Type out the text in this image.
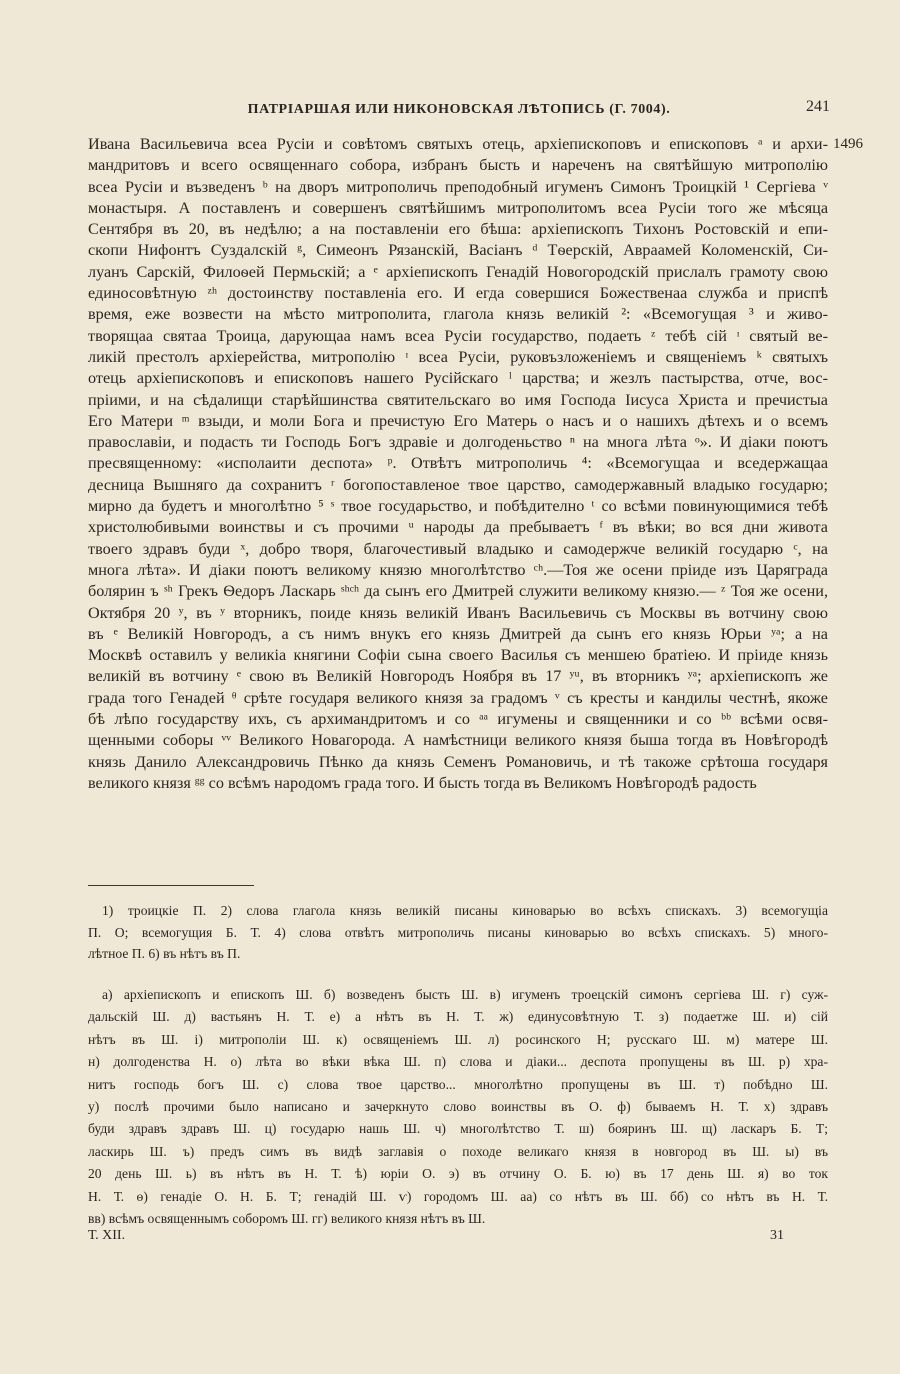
ПАТРІАРШАЯ ИЛИ НИКОНОВСКАЯ ЛѢТОПИСЬ (Г. 7004).	241
1496
Ивана Васильевича всеа Русіи и совѣтомъ святыхъ отець, архіепископовъ и епископовъ ᵃ и архи-
мандритовъ и всего освященнаго собора, избранъ бысть и нареченъ на святѣйшую митрополію
всеа Русіи и възведенъ ᵇ на дворъ митрополичь преподобный игуменъ Симонъ Троицкій ¹ Сергіева ᵛ
монастыря. А поставленъ и совершенъ святѣйшимъ митрополитомъ всеа Русіи того же мѣсяца
Сентября въ 20, въ недѣлю; а на поставленіи его бѣша: архіепископъ Тихонъ Ростовскій и епи-
скопи Нифонтъ Суздалскій ᵍ, Симеонъ Рязанскій, Васіанъ ᵈ Тѳерскій, Авраамей Коломенскій, Си-
луанъ Сарскій, Филоѳей Пермьскій; а ᵉ архіепископъ Генадій Новогородскій прислалъ грамоту свою
единосовѣтную ᶻʰ достоинству поставленіа его. И егда совершися Божественаа служба и приспѣ
время, еже возвести на мѣсто митрополита, глагола князь великій ²: «Всемогущая ³ и живо-
творящаа святаа Троица, дарующаа намъ всеа Русіи государство, подаеть ᶻ тебѣ сій ᶦ святый ве-
ликій престолъ архіерейства, митрополію ᶦ всеа Русіи, руковъзложеніемъ и священіемъ ᵏ святыхъ
отець архіепископовъ и епископовъ нашего Русійскаго ˡ царства; и жезлъ пастырства, отче, вос-
пріими, и на сѣдалищи старѣйшинства святительскаго во имя Господа Іисуса Христа и пречистыа
Его Матери ᵐ взыди, и моли Бога и пречистую Его Матерь о насъ и о нашихъ дѣтехъ и о всемъ
православіи, и подасть ти Господь Богъ здравіе и долгоденьство ⁿ на многа лѣта ᵒ». И діаки поютъ
пресвященному: «исполаити деспота» ᵖ. Отвѣтъ митрополичь ⁴: «Всемогущаа и вседержащаа
десница Вышняго да сохранитъ ʳ богопоставленое твое царство, самодержавный владыко государю;
мирно да будетъ и многолѣтно ⁵ ˢ твое государьство, и побѣдително ᵗ со всѣми повинующимися тебѣ
христолюбивыми воинствы и съ прочими ᵘ народы да пребываетъ ᶠ въ вѣки; во вся дни живота
твоего здравъ буди ˣ, добро творя, благочестивый владыко и самодержче великій государю ᶜ, на
многа лѣта». И діаки поютъ великому князю многолѣтство ᶜʰ.—Тоя же осени пріиде изъ Царяграда
болярин ъ ˢʰ Грекъ Ѳедоръ Ласкарь ˢʰᶜʰ да сынъ его Дмитрей служити великому князю.— ᶻ Тоя же осени,
Октября 20 ʸ, въ ʸ вторникъ, поиде князь великій Иванъ Васильевичь съ Москвы въ вотчину свою
въ ᵉ Великій Новгородъ, а съ нимъ внукъ его князь Дмитрей да сынъ его князь Юрьи ʸᵃ; а на
Москвѣ оставилъ у великіа княгини Софіи сына своего Василья съ меншею братіею. И пріиде князь
великій въ вотчину ᵉ свою въ Великій Новгородъ Ноября въ 17 ʸᵘ, въ вторникъ ʸᵃ; архіепископъ же
града того Генадей ᶿ срѣте государя великого князя за градомъ ᵛ съ кресты и кандилы честнѣ, якоже
бѣ лѣпо государству ихъ, съ архимандритомъ и со ᵃᵃ игумены и священники и со ᵇᵇ всѣми освя-
щенными соборы ᵛᵛ Великого Новагорода. А намѣстници великого князя быша тогда въ Новѣгородѣ
князь Данило Александровичь Пѣнко да князь Семенъ Романовичь, и тѣ такоже срѣтоша государя
великого князя ᵍᵍ со всѣмъ народомъ града того. И бысть тогда въ Великомъ Новѣгородѣ радость
1) троицкіе П. 2) слова глагола князь великій писаны киноварью во всѣхъ спискахъ. 3) всемогущіа
П. О; всемогущия Б. Т. 4) слова отвѣтъ митрополичь писаны киноварью во всѣхъ спискахъ. 5) много-
лѣтное П. 6) въ нѣтъ въ П.
а) архіепископъ и епископъ Ш. б) возведенъ бысть Ш. в) игуменъ троецскій симонъ сергіева Ш. г) суж-
дальскій Ш. д) вастьянъ Н. Т. е) а нѣтъ въ Н. Т. ж) единусовѣтную Т. з) подаетже Ш. и) сій
нѣтъ въ Ш. і) митрополіи Ш. к) освященіемъ Ш. л) росинского Н; русскаго Ш. м) матере Ш.
н) долгоденства Н. о) лѣта во вѣки вѣка Ш. п) слова и діаки... деспота пропущены въ Ш. р) хра-
нитъ господь богъ Ш. с) слова твое царство... многолѣтно пропущены въ Ш. т) побѣдно Ш.
у) послѣ прочими было написано и зачеркнуто слово воинствы въ О. ф) бываемъ Н. Т. х) здравъ
буди здравъ здравъ Ш. ц) государю нашь Ш. ч) многолѣтство Т. ш) бояринъ Ш. щ) ласкаръ Б. Т;
ласкирь Ш. ъ) предъ симъ въ видѣ заглавія о походе великаго князя в новгород въ Ш. ы) въ
20 день Ш. ь) въ нѣтъ въ Н. Т. ѣ) юріи О. э) въ отчину О. Б. ю) въ 17 день Ш. я) во ток
Н. Т. ѳ) генадіе О. Н. Б. Т; генадій Ш. ѵ) городомъ Ш. аа) со нѣтъ въ Ш. бб) со нѣтъ въ Н. Т.
вв) всѣмъ освященнымъ соборомъ Ш. гг) великого князя нѣтъ въ Ш.
Т. XII.	31
